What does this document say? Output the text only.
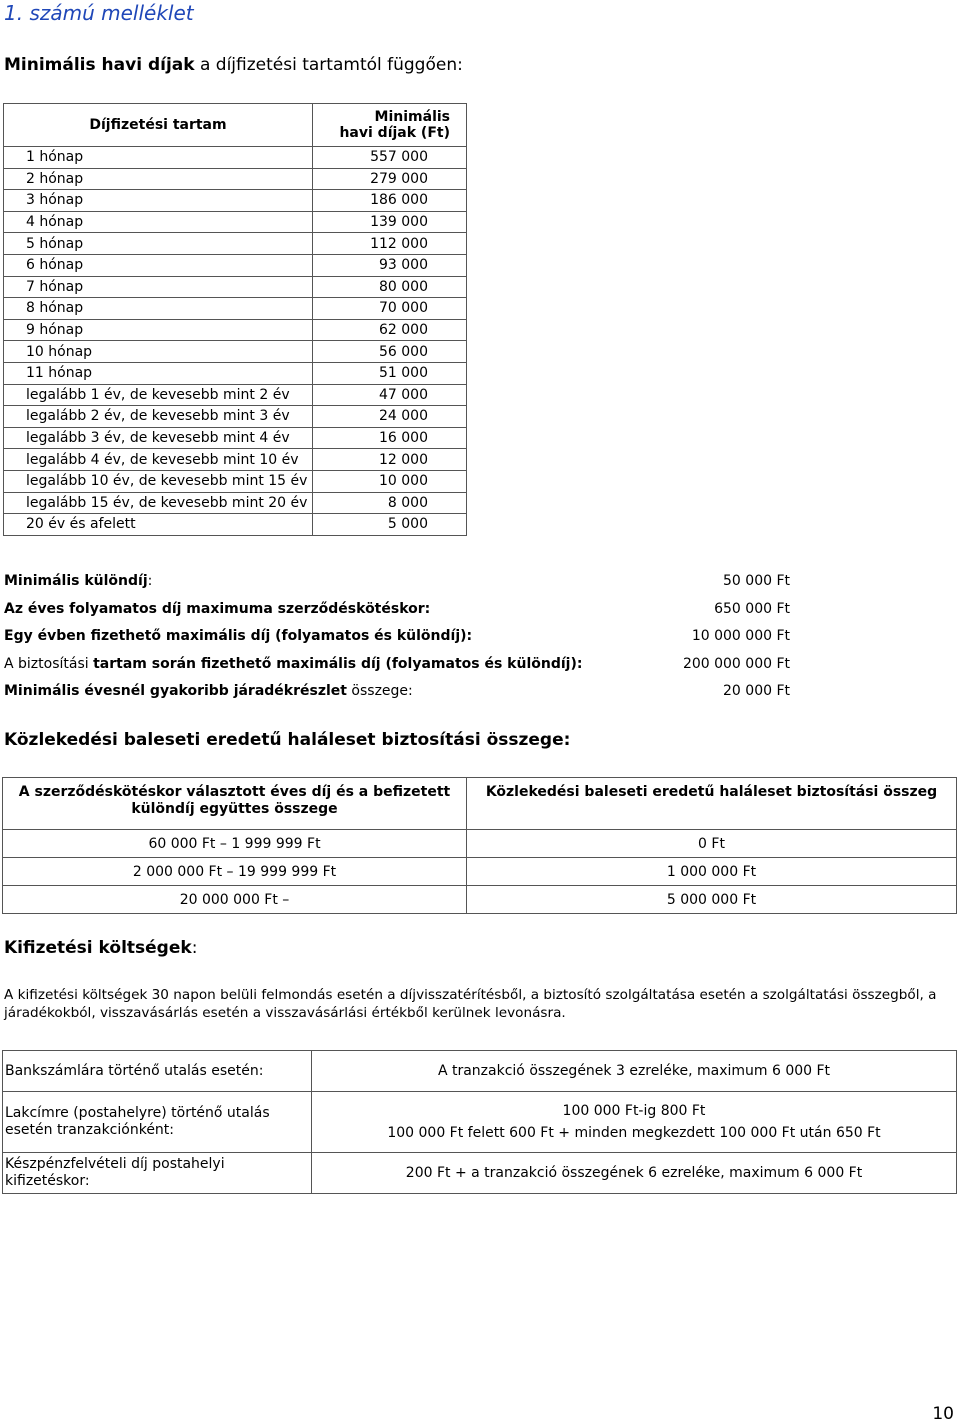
1. számú melléklet
Minimális havi díjak a díjfizetési tartamtól függően:
Díjfizetési tartam	Minimális
havi díjak (Ft)
1 hónap	557 000
2 hónap	279 000
3 hónap	186 000
4 hónap	139 000
5 hónap	112 000
6 hónap	93 000
7 hónap	80 000
8 hónap	70 000
9 hónap	62 000
10 hónap	56 000
11 hónap	51 000
legalább 1 év, de kevesebb mint 2 év	47 000
legalább 2 év, de kevesebb mint 3 év	24 000
legalább 3 év, de kevesebb mint 4 év	16 000
legalább 4 év, de kevesebb mint 10 év	12 000
legalább 10 év, de kevesebb mint 15 év	10 000
legalább 15 év, de kevesebb mint 20 év	8 000
20 év és afelett	5 000
Minimális különdíj:	50 000 Ft
Az éves folyamatos díj maximuma szerződéskötéskor:	650 000 Ft
Egy évben fizethető maximális díj (folyamatos és különdíj):	10 000 000 Ft
A biztosítási tartam során fizethető maximális díj (folyamatos és különdíj):	200 000 000 Ft
Minimális évesnél gyakoribb járadékrészlet összege:	20 000 Ft
Közlekedési baleseti eredetű haláleset biztosítási összege:
A szerződéskötéskor választott éves díj és a befizetett különdíj együttes összege	Közlekedési baleseti eredetű haláleset biztosítási összeg
60 000 Ft – 1 999 999 Ft	0 Ft
2 000 000 Ft – 19 999 999 Ft	1 000 000 Ft
20 000 000 Ft –	5 000 000 Ft
Kifizetési költségek:
A kifizetési költségek 30 napon belüli felmondás esetén a díjvisszatérítésből, a biztosító szolgáltatása esetén a szolgáltatási összegből, a járadékokból, visszavásárlás esetén a visszavásárlási értékből kerülnek levonásra.
Bankszámlára történő utalás esetén:	A tranzakció összegének 3 ezreléke, maximum 6 000 Ft
Lakcímre (postahelyre) történő utalás esetén tranzakciónként:	100 000 Ft-ig 800 Ft
100 000 Ft felett 600 Ft + minden megkezdett 100 000 Ft után 650 Ft
Készpénzfelvételi díj postahelyi kifizetéskor:	200 Ft + a tranzakció összegének 6 ezreléke, maximum 6 000 Ft
10
